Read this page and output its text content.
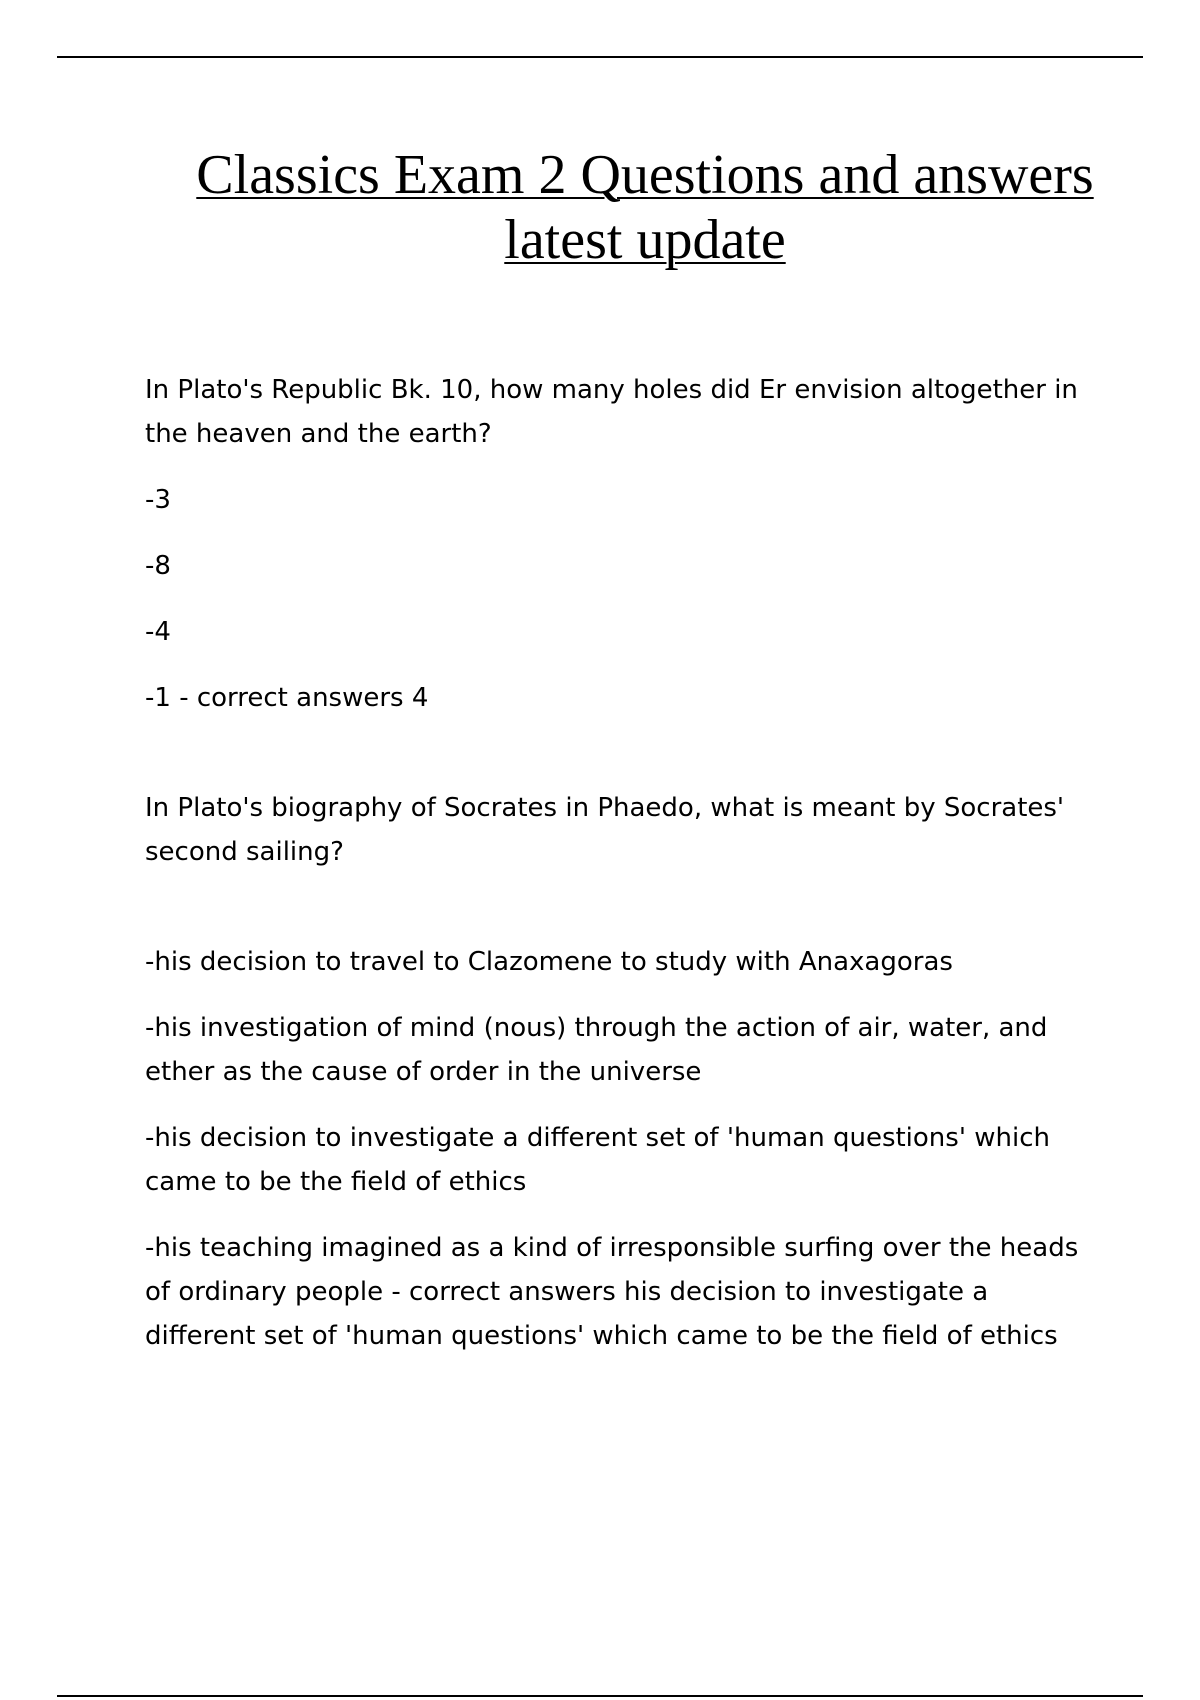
Classics Exam 2 Questions and answers latest update

In Plato's Republic Bk. 10, how many holes did Er envision altogether in the heaven and the earth?

-3

-8

-4

-1 - correct answers 4

In Plato's biography of Socrates in Phaedo, what is meant by Socrates' second sailing?

-his decision to travel to Clazomene to study with Anaxagoras

-his investigation of mind (nous) through the action of air, water, and ether as the cause of order in the universe

-his decision to investigate a different set of 'human questions' which came to be the field of ethics

-his teaching imagined as a kind of irresponsible surfing over the heads of ordinary people - correct answers his decision to investigate a different set of 'human questions' which came to be the field of ethics
